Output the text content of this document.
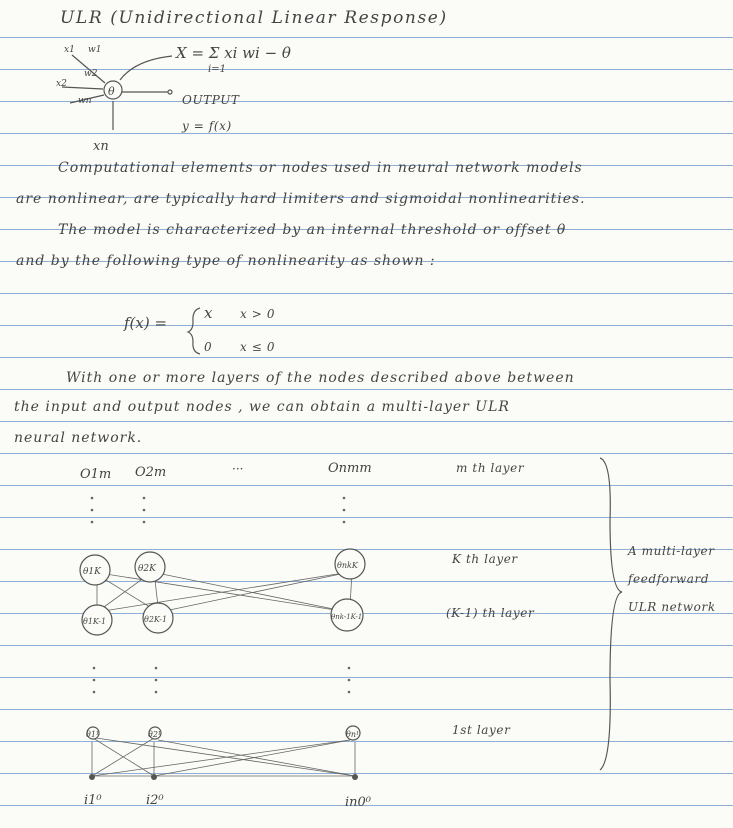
ULR (Unidirectional Linear Response)
θ
x1 w1
x2
w2
wn
xn
X = Σ xi wi − θ
i=1
OUTPUT
y = f(x)
Computational elements or nodes used in neural network models
are nonlinear, are typically hard limiters and sigmoidal nonlinearities.
The model is characterized by an internal threshold or offset θ
and by the following type of nonlinearity as shown :
f(x) =
x x > 0
0 x ≤ 0
With one or more layers of the nodes described above between
the input and output nodes , we can obtain a multi-layer ULR
neural network.
O1m O2m	···	Onmm
θ1K	θ2K	θnkK
θ1K-1	θ2K-1	θnk-1K-1
θ1¹	θ2¹	θn¹
i1⁰	i2⁰	in0⁰
m th layer
K th layer
(K-1) th layer
1st layer
A multi-layer
feedforward
ULR network
